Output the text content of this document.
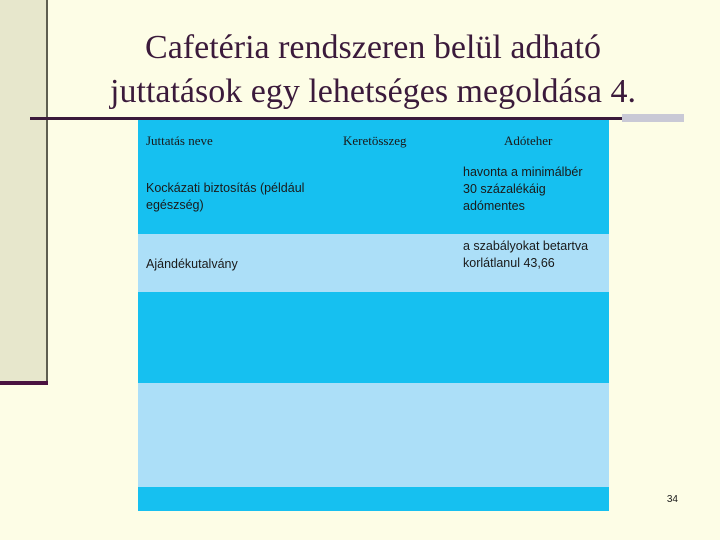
Cafetéria rendszeren belül adható
juttatások egy lehetséges megoldása 4.
Juttatás neve	Keretösszeg	Adóteher
Kockázati biztosítás (például egészség)
havonta a minimálbér 30 százalékáig adómentes
Ajándékutalvány
a szabályokat betartva korlátlanul 43,66
34
